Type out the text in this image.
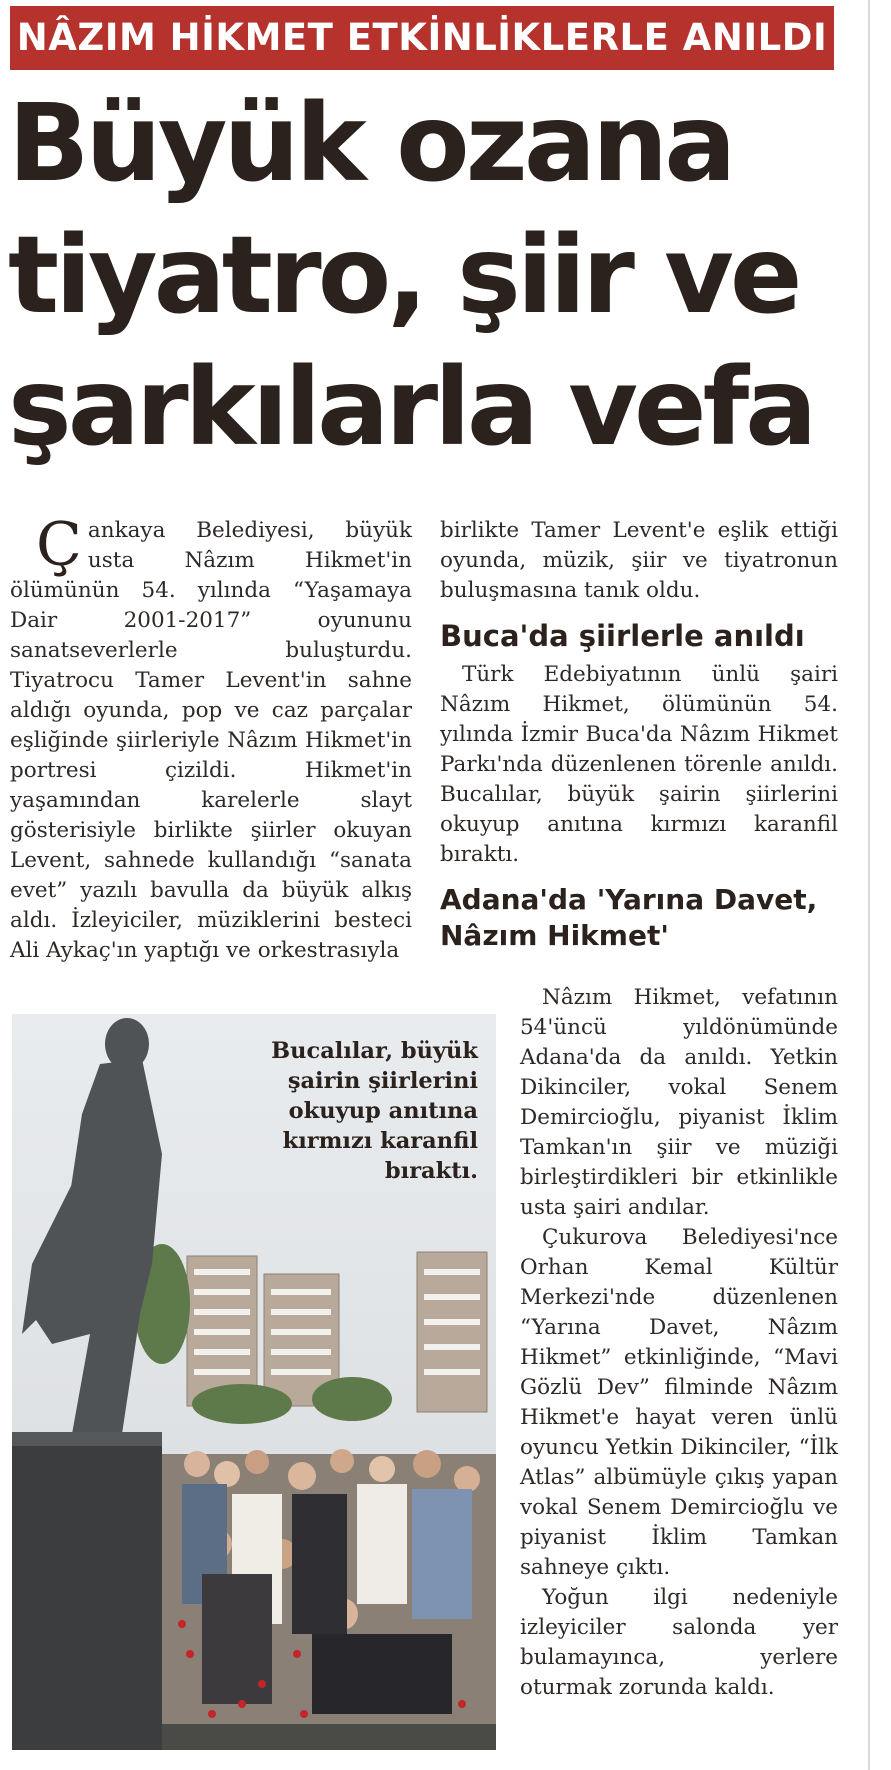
NÂZIM HİKMET ETKİNLİKLERLE ANILDI
Büyük ozana
tiyatro, şiir ve
şarkılarla vefa

Çankaya Belediyesi, büyük usta Nâzım Hikmet'in ölümünün 54. yılında “Yaşamaya Dair 2001-2017” oyununu sanatseverlerle buluşturdu. Tiyatrocu Tamer Levent'in sahne aldığı oyunda, pop ve caz parçalar eşliğinde şiirleriyle Nâzım Hikmet'in portresi çizildi. Hikmet'in yaşamından karelerle slayt gösterisiyle birlikte şiirler okuyan Levent, sahnede kullandığı “sanata evet” yazılı bavulla da büyük alkış aldı. İzleyiciler, müziklerini besteci Ali Aykaç'ın yaptığı ve orkestrasıyla

birlikte Tamer Levent'e eşlik ettiği oyunda, müzik, şiir ve tiyatronun buluşmasına tanık oldu.

Buca'da şiirlerle anıldı

Türk Edebiyatının ünlü şairi Nâzım Hikmet, ölümünün 54. yılında İzmir Buca'da Nâzım Hikmet Parkı'nda düzenlenen törenle anıldı. Bucalılar, büyük şairin şiirlerini okuyup anıtına kırmızı karanfil bıraktı.

Adana'da 'Yarına Davet, Nâzım Hikmet'

Nâzım Hikmet, vefatının 54'üncü yıldönümünde Adana'da da anıldı. Yetkin Dikinciler, vokal Senem Demircioğlu, piyanist İklim Tamkan'ın şiir ve müziği birleştirdikleri bir etkinlikle usta şairi andılar.

Çukurova Belediyesi'nce Orhan Kemal Kültür Merkezi'nde düzenlenen “Yarına Davet, Nâzım Hikmet” etkinliğinde, “Mavi Gözlü Dev” filminde Nâzım Hikmet'e hayat veren ünlü oyuncu Yetkin Dikinciler, “İlk Atlas” albümüyle çıkış yapan vokal Senem Demircioğlu ve piyanist İklim Tamkan sahneye çıktı.

Yoğun ilgi nedeniyle izleyiciler salonda yer bulamayınca, yerlere oturmak zorunda kaldı.

Bucalılar, büyük şairin şiirlerini okuyup anıtına kırmızı karanfil bıraktı.
